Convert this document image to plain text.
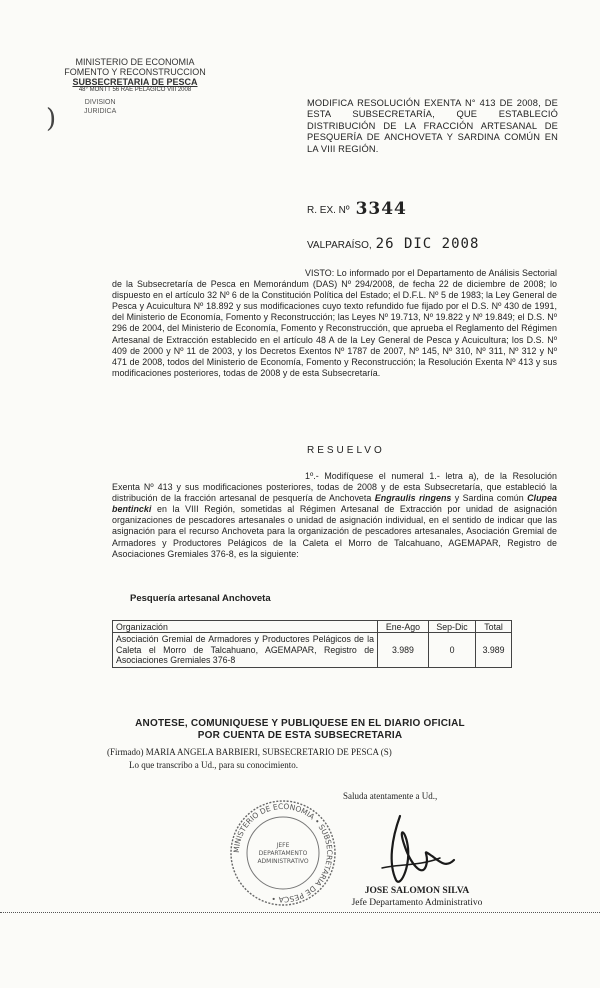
MINISTERIO DE ECONOMIA
FOMENTO Y RECONSTRUCCION
SUBSECRETARIA DE PESCA
48° MONTT 56 RAE PELAGICO VIII 2008
DIVISION
JURIDICA
)
MODIFICA RESOLUCIÓN EXENTA N° 413 DE 2008, DE ESTA SUBSECRETARÍA, QUE ESTABLECIÓ DISTRIBUCIÓN DE LA FRACCIÓN ARTESANAL DE PESQUERÍA DE ANCHOVETA Y SARDINA COMÚN EN LA VIII REGIÓN.
R. EX. Nº 3344
VALPARAÍSO, 26 DIC 2008
VISTO: Lo informado por el Departamento de Análisis Sectorial de la Subsecretaría de Pesca en Memorándum (DAS) Nº 294/2008, de fecha 22 de diciembre de 2008; lo dispuesto en el artículo 32 Nº 6 de la Constitución Política del Estado; el D.F.L. Nº 5 de 1983; la Ley General de Pesca y Acuicultura Nº 18.892 y sus modificaciones cuyo texto refundido fue fijado por el D.S. Nº 430 de 1991, del Ministerio de Economía, Fomento y Reconstrucción; las Leyes Nº 19.713, Nº 19.822 y Nº 19.849; el D.S. Nº 296 de 2004, del Ministerio de Economía, Fomento y Reconstrucción, que aprueba el Reglamento del Régimen Artesanal de Extracción establecido en el artículo 48 A de la Ley General de Pesca y Acuicultura; los D.S. Nº 409 de 2000 y Nº 11 de 2003, y los Decretos Exentos Nº 1787 de 2007, Nº 145, Nº 310, Nº 311, Nº 312 y Nº 471 de 2008, todos del Ministerio de Economía, Fomento y Reconstrucción; la Resolución Exenta Nº 413 y sus modificaciones posteriores, todas de 2008 y de esta Subsecretaría.
RESUELVO
1º.- Modifíquese el numeral 1.- letra a), de la Resolución Exenta Nº 413 y sus modificaciones posteriores, todas de 2008 y de esta Subsecretaría, que estableció la distribución de la fracción artesanal de pesquería de Anchoveta Engraulis ringens y Sardina común Clupea bentincki en la VIII Región, sometidas al Régimen Artesanal de Extracción por unidad de asignación organizaciones de pescadores artesanales o unidad de asignación individual, en el sentido de indicar que las asignación para el recurso Anchoveta para la organización de pescadores artesanales, Asociación Gremial de Armadores y Productores Pelágicos de la Caleta el Morro de Talcahuano, AGEMAPAR, Registro de Asociaciones Gremiales 376-8, es la siguiente:
Pesquería artesanal Anchoveta
Organización	Ene-Ago	Sep-Dic	Total
Asociación Gremial de Armadores y Productores Pelágicos de la Caleta el Morro de Talcahuano, AGEMAPAR, Registro de Asociaciones Gremiales 376-8	3.989	0	3.989
ANOTESE, COMUNIQUESE Y PUBLIQUESE EN EL DIARIO OFICIAL
POR CUENTA DE ESTA SUBSECRETARIA
(Firmado) MARIA ANGELA BARBIERI, SUBSECRETARIO DE PESCA (S)
Lo que transcribo a Ud., para su conocimiento.
Saluda atentamente a Ud.,
MINISTERIO DE ECONOMIA • SUBSECRETARIA DE PESCA •
JEFE
DEPARTAMENTO
ADMINISTRATIVO
JOSE SALOMON SILVA
Jefe Departamento Administrativo
